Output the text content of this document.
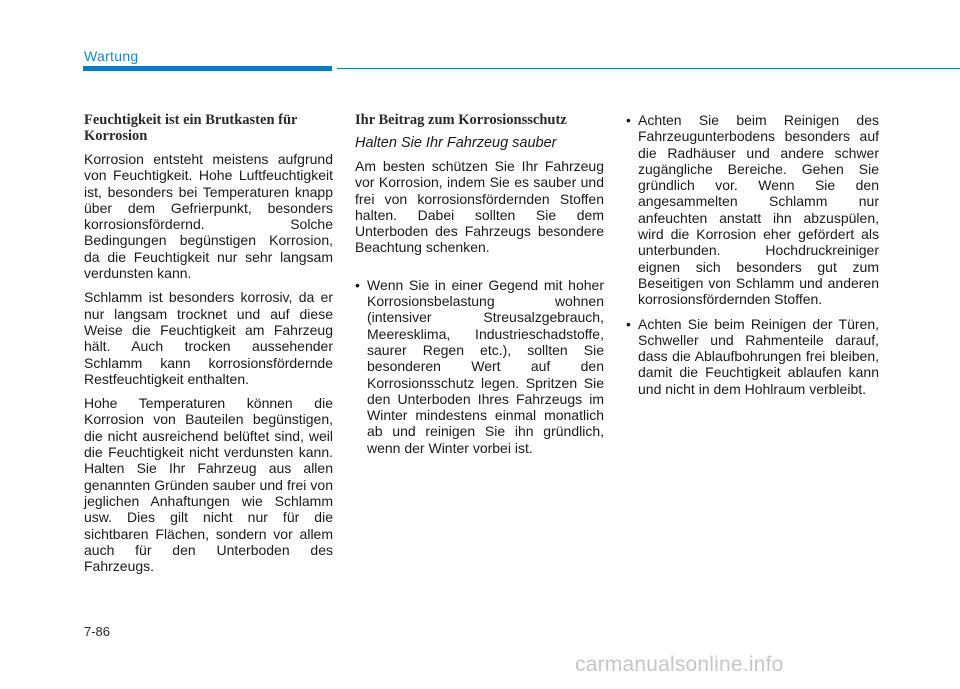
Wartung
Feuchtigkeit ist ein Brutkasten für Korrosion

Korrosion entsteht meistens aufgrund von Feuchtigkeit. Hohe Luftfeuchtigkeit ist, besonders bei Temperaturen knapp über dem Gefrierpunkt, besonders korrosionsfördernd. Solche Bedingungen begünstigen Korrosion, da die Feuchtigkeit nur sehr langsam verdunsten kann.

Schlamm ist besonders korrosiv, da er nur langsam trocknet und auf diese Weise die Feuchtigkeit am Fahrzeug hält. Auch trocken aussehender Schlamm kann korrosionsfördernde Restfeuchtigkeit enthalten.

Hohe Temperaturen können die Korrosion von Bauteilen begünstigen, die nicht ausreichend belüftet sind, weil die Feuchtigkeit nicht verdunsten kann. Halten Sie Ihr Fahrzeug aus allen genannten Gründen sauber und frei von jeglichen Anhaftungen wie Schlamm usw. Dies gilt nicht nur für die sichtbaren Flächen, sondern vor allem auch für den Unterboden des Fahrzeugs.

Ihr Beitrag zum Korrosionsschutz
Halten Sie Ihr Fahrzeug sauber

Am besten schützen Sie Ihr Fahrzeug vor Korrosion, indem Sie es sauber und frei von korrosionsfördernden Stoffen halten. Dabei sollten Sie dem Unterboden des Fahrzeugs besondere Beachtung schenken.

• Wenn Sie in einer Gegend mit hoher Korrosionsbelastung wohnen (intensiver Streusalzgebrauch, Meeresklima, Industrieschadstoffe, saurer Regen etc.), sollten Sie besonderen Wert auf den Korrosionsschutz legen. Spritzen Sie den Unterboden Ihres Fahrzeugs im Winter mindestens einmal monatlich ab und reinigen Sie ihn gründlich, wenn der Winter vorbei ist.
• Achten Sie beim Reinigen des Fahrzeugunterbodens besonders auf die Radhäuser und andere schwer zugängliche Bereiche. Gehen Sie gründlich vor. Wenn Sie den angesammelten Schlamm nur anfeuchten anstatt ihn abzuspülen, wird die Korrosion eher gefördert als unterbunden. Hochdruckreiniger eignen sich besonders gut zum Beseitigen von Schlamm und anderen korrosionsfördernden Stoffen.
• Achten Sie beim Reinigen der Türen, Schweller und Rahmenteile darauf, dass die Ablaufbohrungen frei bleiben, damit die Feuchtigkeit ablaufen kann und nicht in dem Hohlraum verbleibt.
7-86
carmanualsonline.info
